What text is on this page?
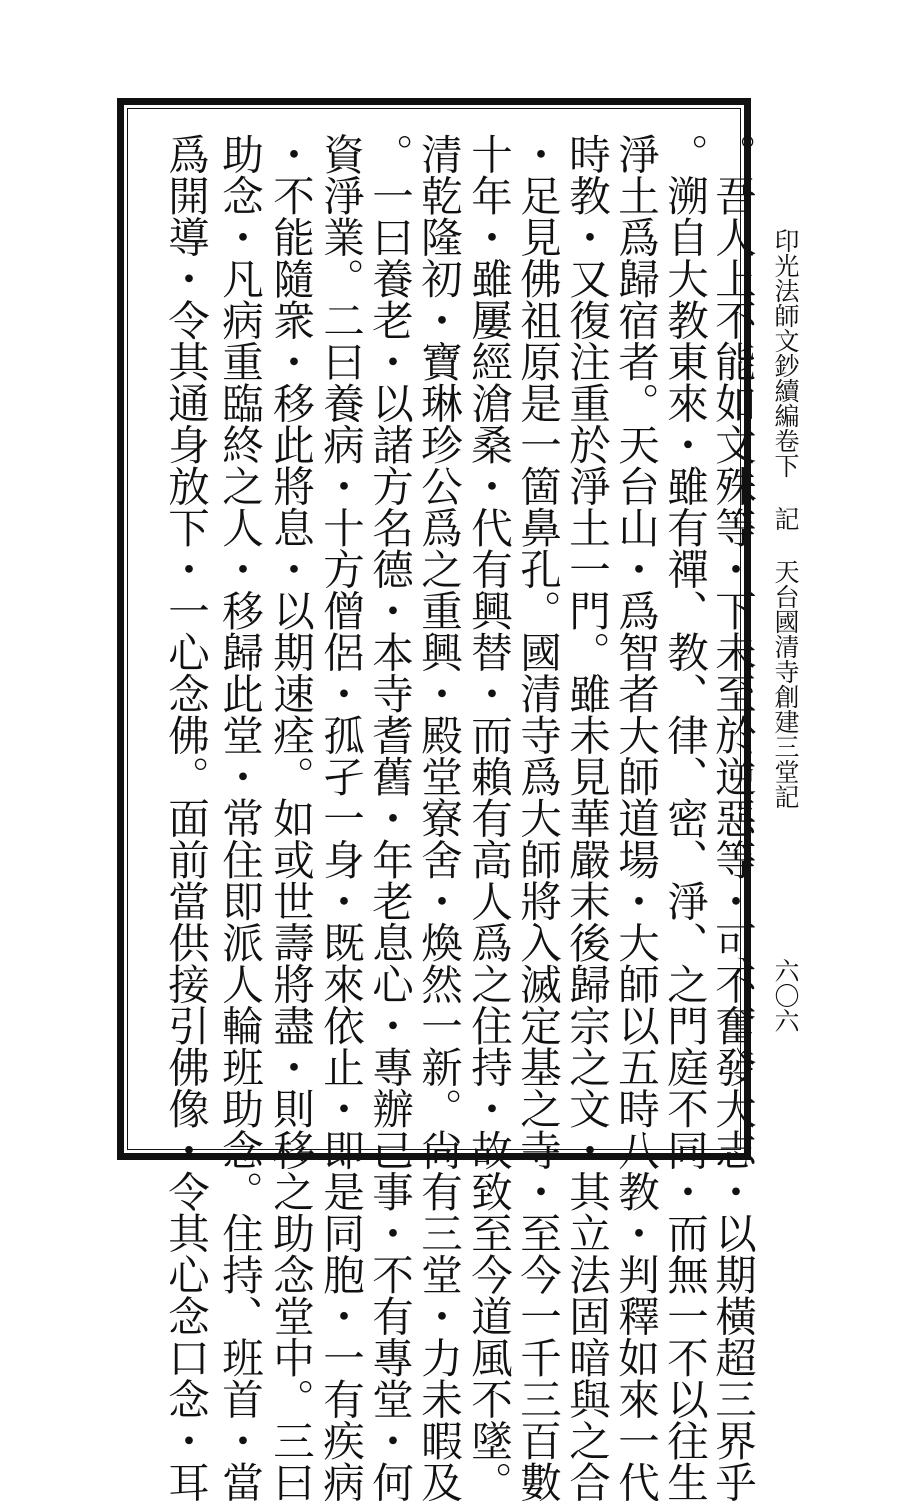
印光法師文鈔續編卷下記天台國清寺創建三堂記
六〇六
。吾人上不能如文殊等・下未至於逆惡等・可不奮發大志・以期橫超三界乎
。溯自大教東來・雖有禪、教、律、密、淨、之門庭不同・而無一不以往生
淨土爲歸宿者。天台山・爲智者大師道場・大師以五時八教・判釋如來一代
時教・又復注重於淨土一門。雖未見華嚴末後歸宗之文・其立法固暗與之合
・足見佛祖原是一箇鼻孔。國清寺爲大師將入滅定基之寺・至今一千三百數
十年・雖屢經滄桑・代有興替・而賴有高人爲之住持・故致至今道風不墜。
清乾隆初・寶琳珍公爲之重興・殿堂寮舍・煥然一新。尙有三堂・力未暇及
。一曰養老・以諸方名德・本寺耆舊・年老息心・專辦己事・不有專堂・何
資淨業。二曰養病・十方僧侶・孤孑一身・既來依止・即是同胞・一有疾病
・不能隨衆・移此將息・以期速痊。如或世壽將盡・則移之助念堂中。三曰
助念・凡病重臨終之人・移歸此堂・常住即派人輪班助念。住持、班首・當
爲開導・令其通身放下・一心念佛。面前當供接引佛像・令其心念口念・耳
